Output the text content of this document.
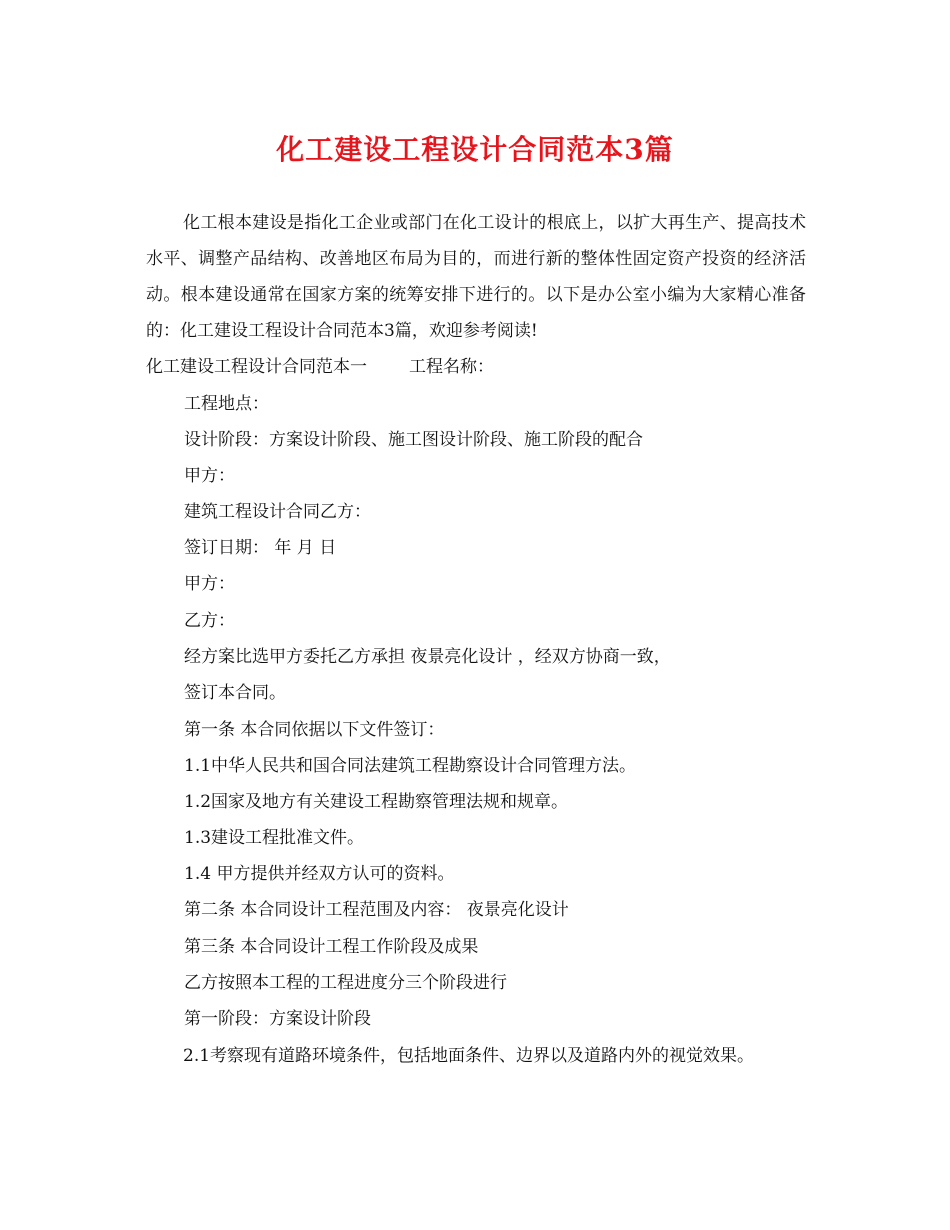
化工建设工程设计合同范本3篇

化工根本建设是指化工企业或部门在化工设计的根底上，以扩大再生产、提高技术水平、调整产品结构、改善地区布局为目的，而进行新的整体性固定资产投资的经济活动。根本建设通常在国家方案的统筹安排下进行的。以下是办公室小编为大家精心准备的：化工建设工程设计合同范本3篇，欢迎参考阅读!

化工建设工程设计合同范本一 工程名称：

工程地点：

设计阶段：方案设计阶段、施工图设计阶段、施工阶段的配合

甲方：

建筑工程设计合同乙方：

签订日期： 年 月 日

甲方：

乙方：

经方案比选甲方委托乙方承担 夜景亮化设计 ，经双方协商一致，

签订本合同。

第一条 本合同依据以下文件签订：

1.1中华人民共和国合同法建筑工程勘察设计合同管理方法。

1.2国家及地方有关建设工程勘察管理法规和规章。

1.3建设工程批准文件。

1.4 甲方提供并经双方认可的资料。

第二条 本合同设计工程范围及内容： 夜景亮化设计

第三条 本合同设计工程工作阶段及成果

乙方按照本工程的工程进度分三个阶段进行

第一阶段：方案设计阶段

2.1考察现有道路环境条件，包括地面条件、边界以及道路内外的视觉效果。
